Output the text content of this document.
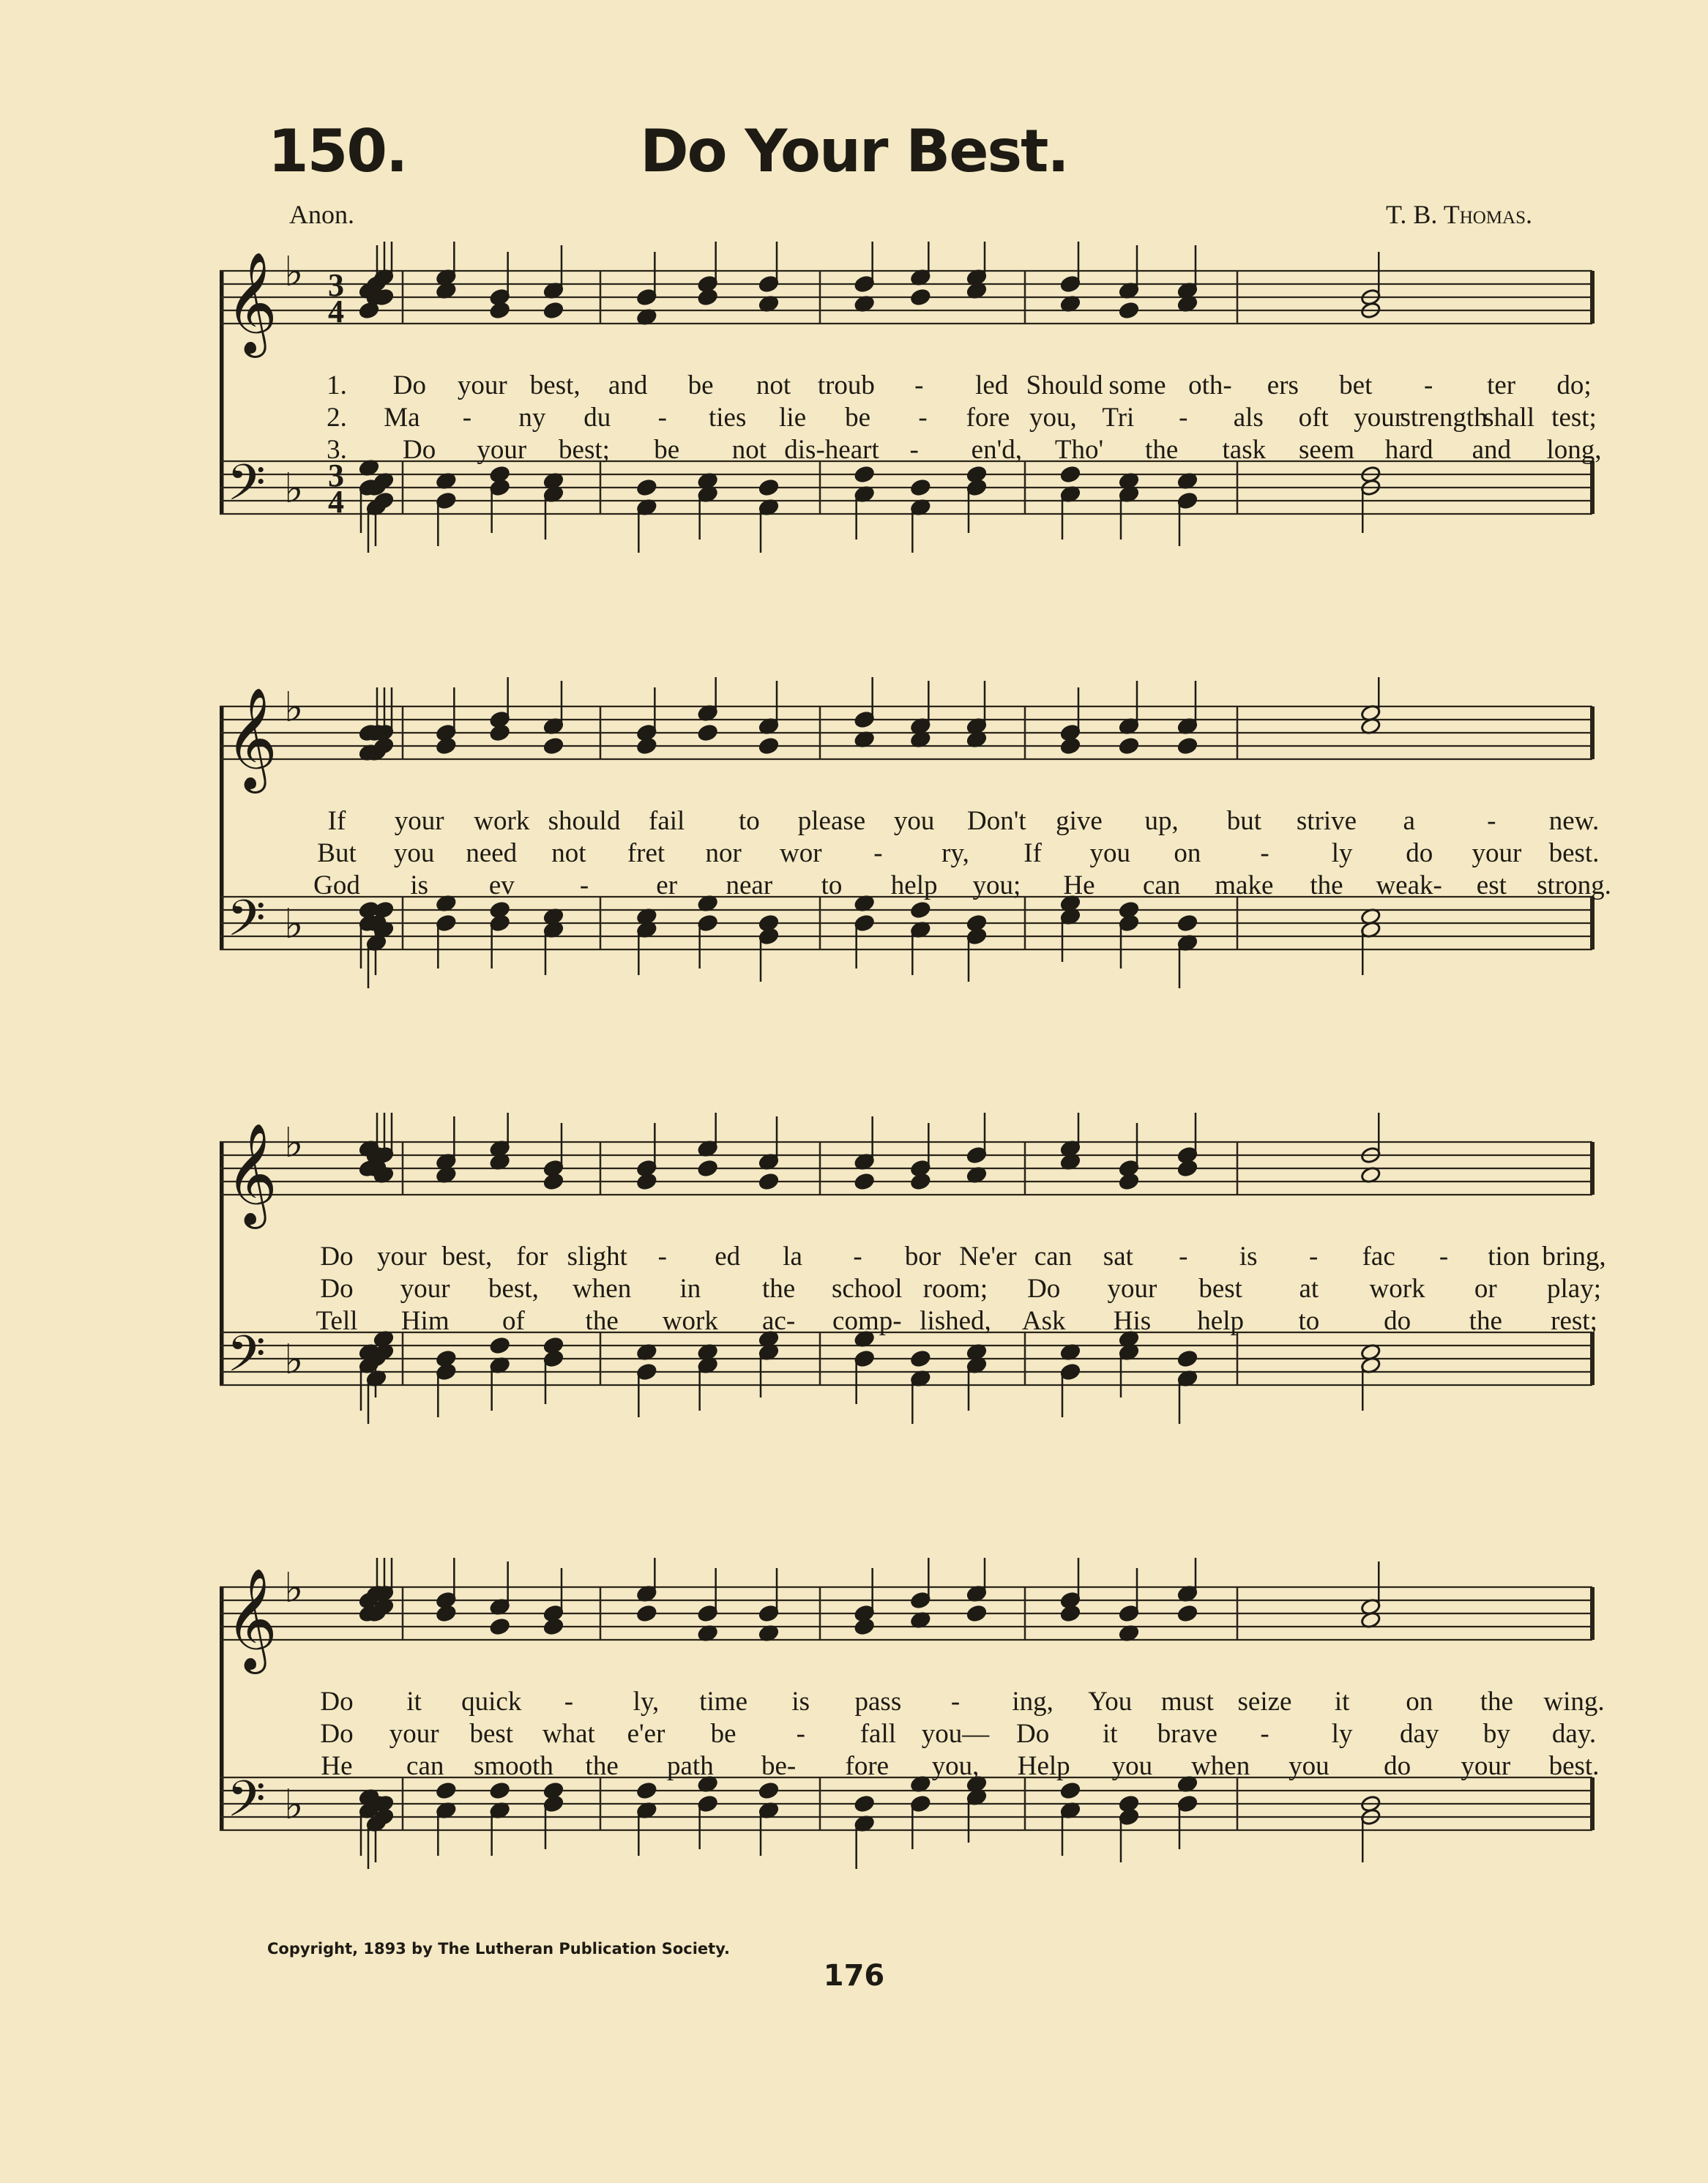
150.	Do Your Best.
Anon.	T. B. Thomas.
𝄞 ♭ 3
4
𝄢 ♭ 3
4
1. Do your best, and be not troub - led Should some oth- ers bet - ter do;
2. Ma - ny du - ties lie be - fore you, Tri - als oft your
strength
shall test;
3. Do your best; be not dis-heart - en'd, Tho' the task seem hard and long,
𝄞 ♭
𝄢 ♭
If your work should fail to please you Don't give up, but strive a	- new.
But you need not fret nor wor - ry, If you on - ly do your best.
God is ev - er near to help you; He can make the weak- est strong.
𝄞 ♭
𝄢 ♭
Do your best, for slight - ed la - bor Ne'er can sat - is - fac - tion bring,
Do your best, when in the school room; Do your best at work or play;
Tell Him of the work ac- comp- lished, Ask His help to do the rest;
𝄞 ♭
𝄢 ♭
Do it quick - ly, time is pass - ing, You must seize it on the wing.
Do your best what e'er be - fall you— Do it brave - ly day by day.
He can smooth the path be- fore you, Help you when you do your best.
Copyright, 1893 by The Lutheran Publication Society.
176
